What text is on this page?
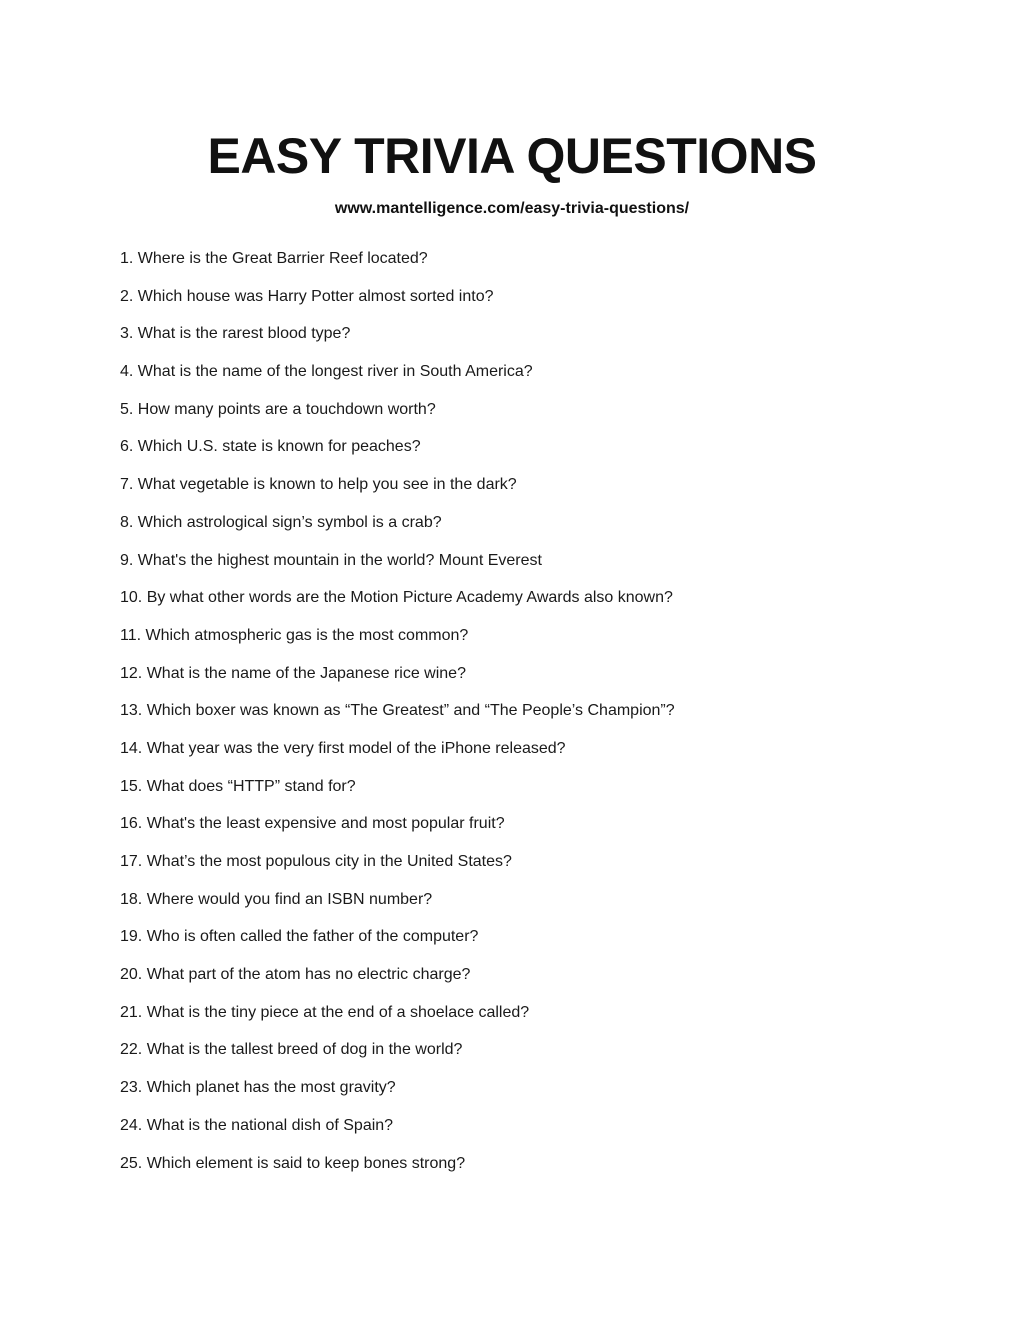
EASY TRIVIA QUESTIONS
www.mantelligence.com/easy-trivia-questions/
1. Where is the Great Barrier Reef located?
2. Which house was Harry Potter almost sorted into?
3. What is the rarest blood type?
4. What is the name of the longest river in South America?
5. How many points are a touchdown worth?
6. Which U.S. state is known for peaches?
7. What vegetable is known to help you see in the dark?
8. Which astrological sign’s symbol is a crab?
9. What's the highest mountain in the world? Mount Everest
10. By what other words are the Motion Picture Academy Awards also known?
11. Which atmospheric gas is the most common?
12. What is the name of the Japanese rice wine?
13. Which boxer was known as “The Greatest” and “The People’s Champion”?
14. What year was the very first model of the iPhone released?
15. What does “HTTP” stand for?
16. What's the least expensive and most popular fruit?
17. What’s the most populous city in the United States?
18. Where would you find an ISBN number?
19. Who is often called the father of the computer?
20. What part of the atom has no electric charge?
21. What is the tiny piece at the end of a shoelace called?
22. What is the tallest breed of dog in the world?
23. Which planet has the most gravity?
24. What is the national dish of Spain?
25. Which element is said to keep bones strong?
